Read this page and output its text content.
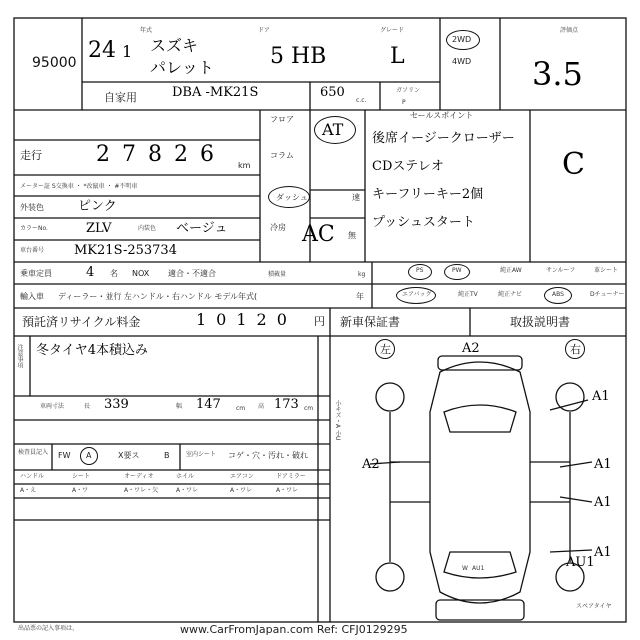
95000
年式
24 1 スズキ
パレット
ドア
5 HB
グレード
L
2WD
4WD
評価点
3.5
自家用	DBA -MK21S	650
c.c.
ガソリン
P
走行 27826 km
メーター証 S交換車 ・ *改竄車 ・ #不明車
外装色	ピンク
カラーNo.	ZLV	内装色 ベージュ
車台番号 MK21S-253734
フロア
コラム
ダッシュ
AT
冷房 AC 無
速
セールスポイント
後席イージークローザー
CDステレオ
キーフリーキー2個
プッシュスタート
C
乗車定員	4 名 NOX 適合・不適合	積載量	kg
PS	PW	純正AW	サンルーフ	革シート
エアバッグ	純正TV	純正ナビ	ABS	Dチューナー
輸入車 ディーラー・並行 左ハンドル・右ハンドル モデル年式(	年
預託済リサイクル料金	10120 円 新車保証書	取扱説明書
注意事項 冬タイヤ4本積込み
車両寸法	長 339	幅 147	cm 高 173 cm
検査員記入 FW A	X要ス	B	室内シート コゲ・穴・汚れ・破れ
ハンドル	シート	オーディオ	ホイル	エアコン	ドアミラー
A・え	A・ワ	A・ワレ・欠	A・ワレ	A・ワレ	A・ワレ
左	右
A2
A1
A1
A1
A1
A2
AU1
W AU1
小キズ・A 小U
スペアタイヤ
出品票の記入事項は、	www.CarFromJapan.com Ref: CFJ0129295
